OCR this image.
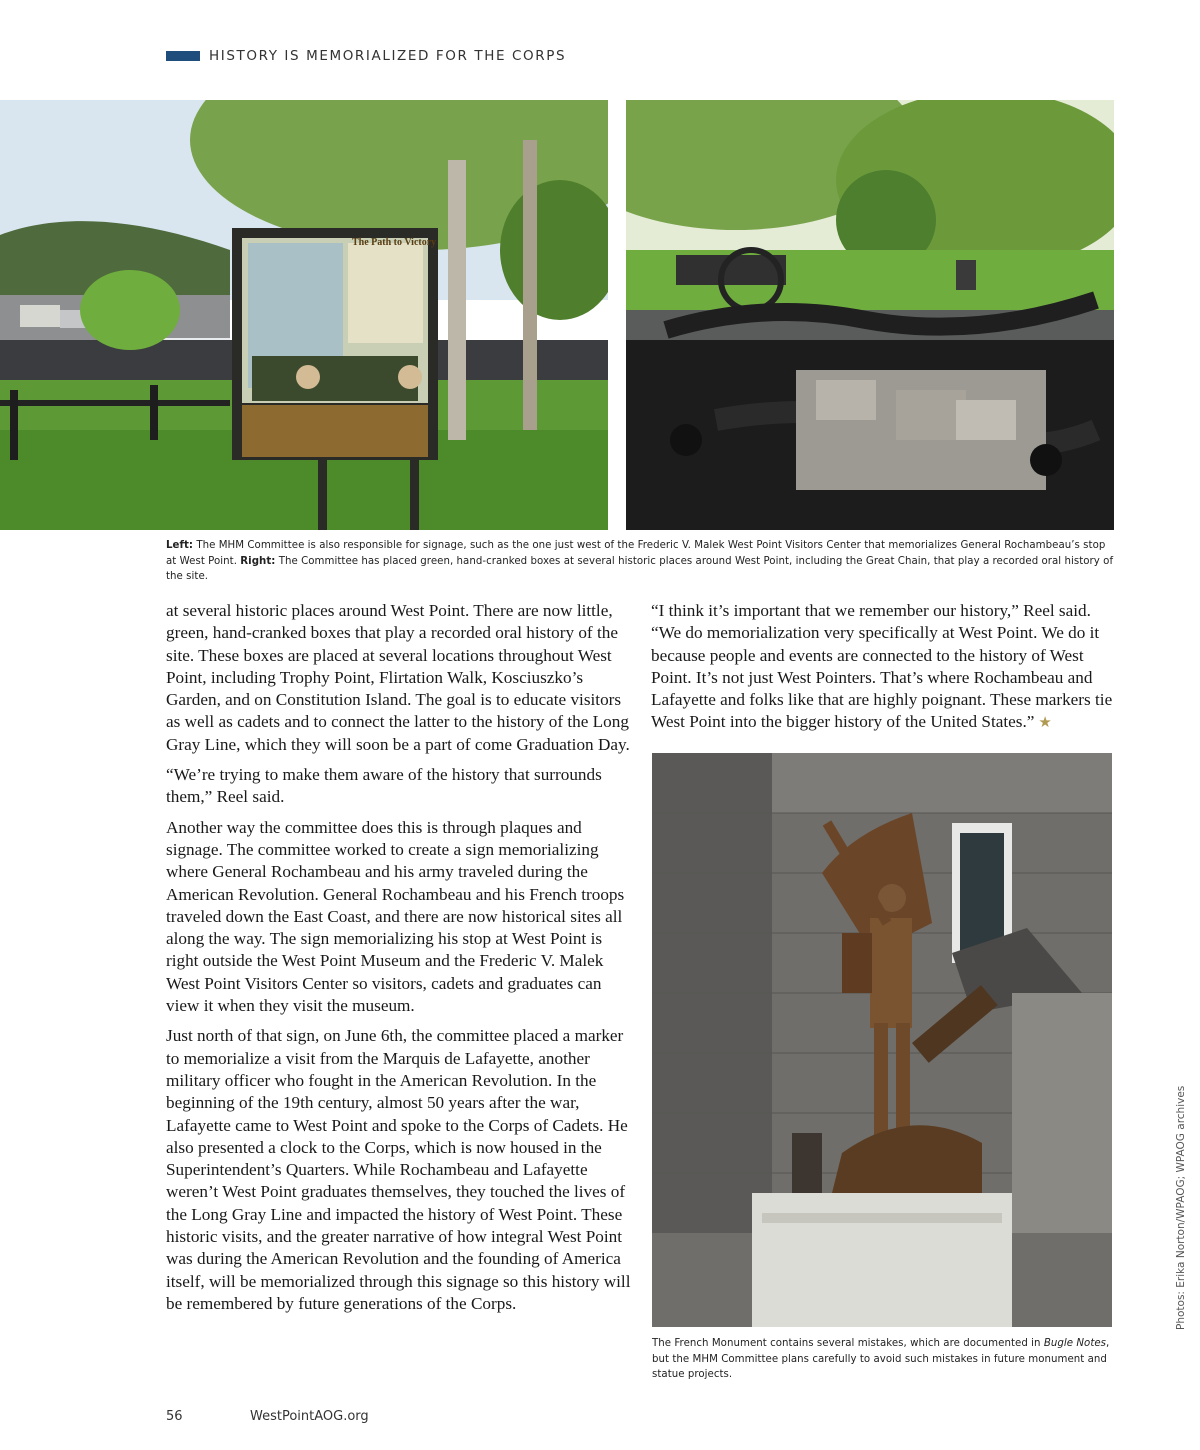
HISTORY IS MEMORIALIZED FOR THE CORPS
The Path to Victory
Left: The MHM Committee is also responsible for signage, such as the one just west of the Frederic V. Malek West Point Visitors Center that memorializes General Rochambeau’s stop at West Point. Right: The Committee has placed green, hand-cranked boxes at several historic places around West Point, including the Great Chain, that play a recorded oral history of the site.

at several historic places around West Point. There are now little, green, hand-cranked boxes that play a recorded oral history of the site. These boxes are placed at several locations throughout West Point, including Trophy Point, Flirtation Walk, Kosciuszko’s Garden, and on Constitution Island. The goal is to educate visitors as well as cadets and to connect the latter to the history of the Long Gray Line, which they will soon be a part of come Graduation Day.

“We’re trying to make them aware of the history that surrounds them,” Reel said.

Another way the committee does this is through plaques and signage. The committee worked to create a sign memorializing where General Rochambeau and his army traveled during the American Revolution. General Rochambeau and his French troops traveled down the East Coast, and there are now historical sites all along the way. The sign memorializing his stop at West Point is right outside the West Point Museum and the Frederic V. Malek West Point Visitors Center so visitors, cadets and graduates can view it when they visit the museum.

Just north of that sign, on June 6th, the committee placed a marker to memorialize a visit from the Marquis de Lafayette, another military officer who fought in the American Revolution. In the beginning of the 19th century, almost 50 years after the war, Lafayette came to West Point and spoke to the Corps of Cadets. He also presented a clock to the Corps, which is now housed in the Superintendent’s Quarters. While Rochambeau and Lafayette weren’t West Point graduates themselves, they touched the lives of the Long Gray Line and impacted the history of West Point. These historic visits, and the greater narrative of how integral West Point was during the American Revolution and the founding of America itself, will be memorialized through this signage so this history will be remembered by future generations of the Corps.

“I think it’s important that we remember our history,” Reel said. “We do memorialization very specifically at West Point. We do it because people and events are connected to the history of West Point. It’s not just West Pointers. That’s where Rochambeau and Lafayette and folks like that are highly poignant. These markers tie West Point into the bigger history of the United States.” ★

The French Monument contains several mistakes, which are documented in Bugle Notes, but the MHM Committee plans carefully to avoid such mistakes in future monument and statue projects.
56	WestPointAOG.org
Photos: Erika Norton/WPAOG; WPAOG archives
